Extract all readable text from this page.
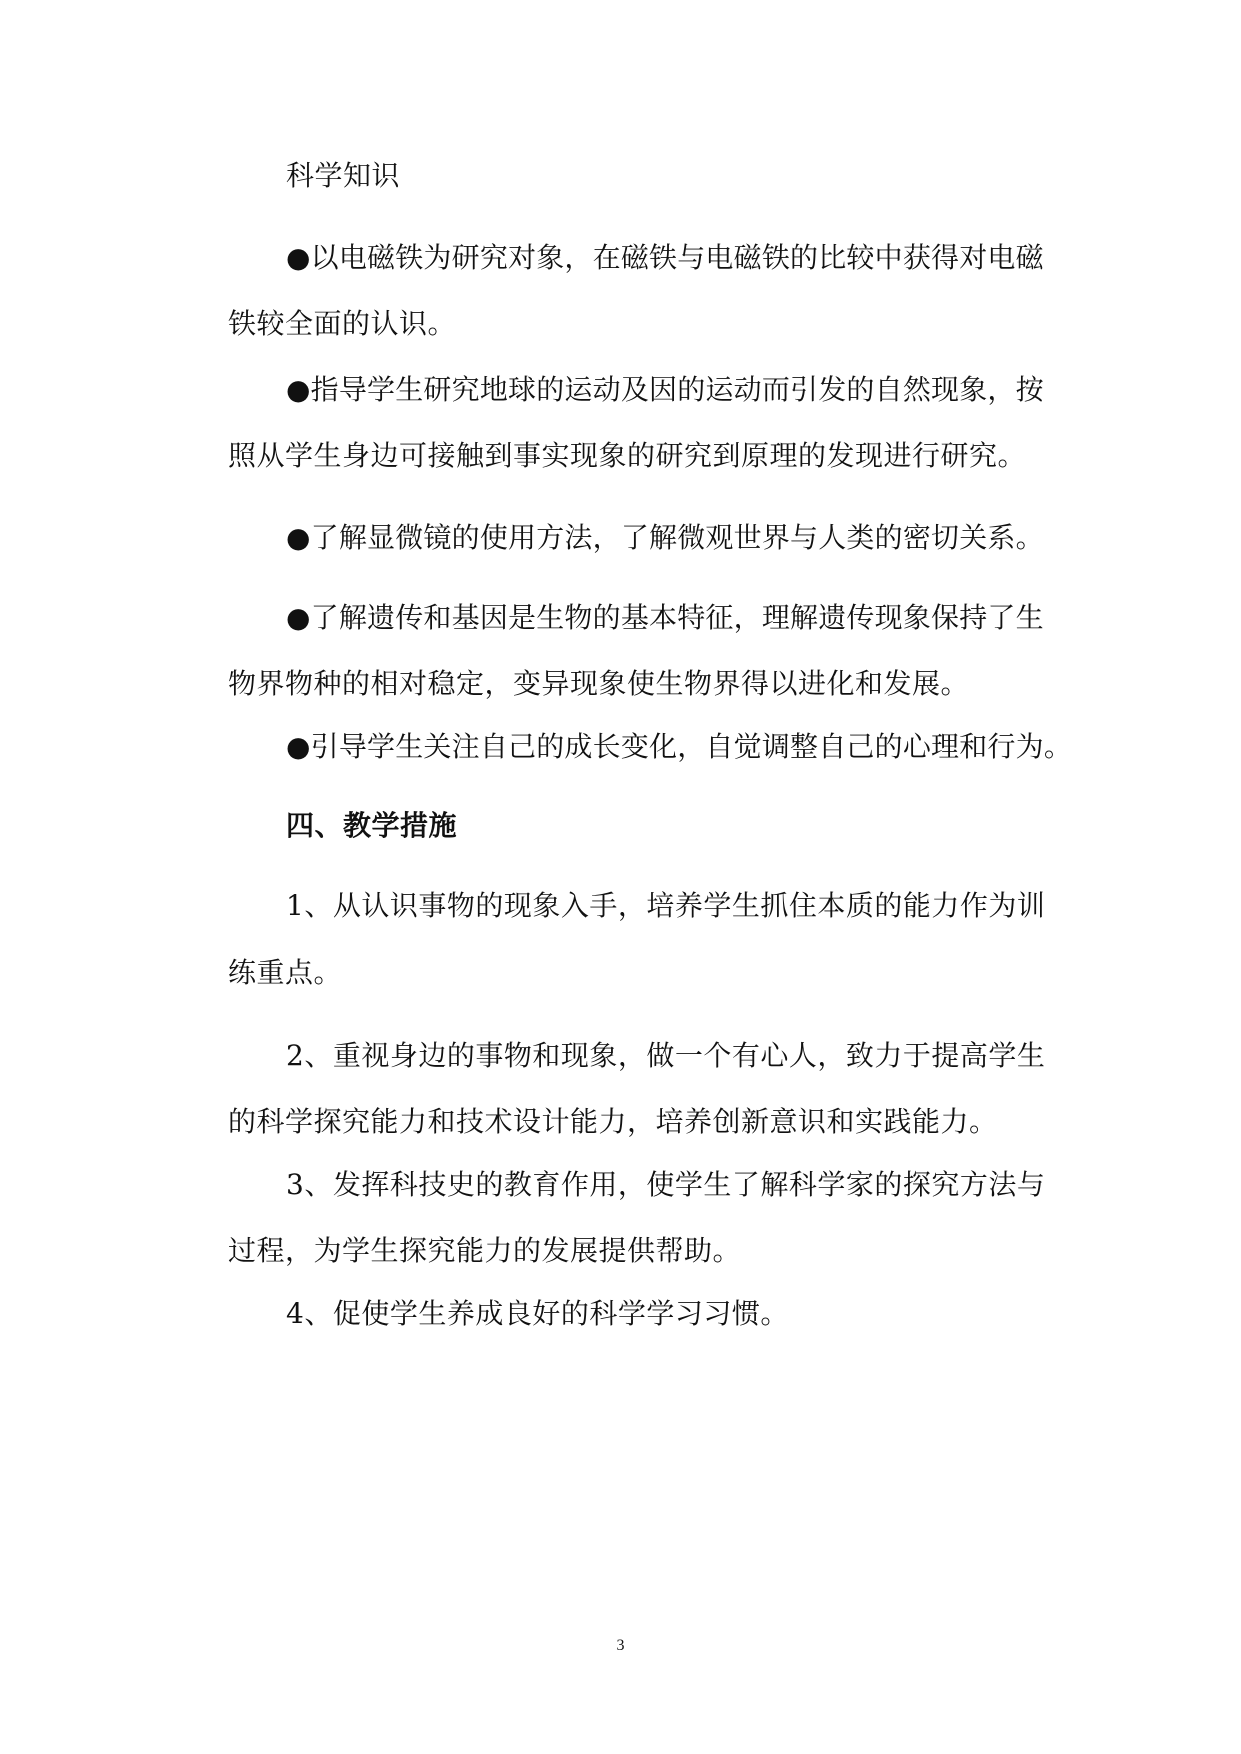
科学知识
●以电磁铁为研究对象，在磁铁与电磁铁的比较中获得对电磁
铁较全面的认识。
●指导学生研究地球的运动及因的运动而引发的自然现象，按
照从学生身边可接触到事实现象的研究到原理的发现进行研究。
●了解显微镜的使用方法，了解微观世界与人类的密切关系。
●了解遗传和基因是生物的基本特征，理解遗传现象保持了生
物界物种的相对稳定，变异现象使生物界得以进化和发展。
●引导学生关注自己的成长变化，自觉调整自己的心理和行为。
四、教学措施
1、从认识事物的现象入手，培养学生抓住本质的能力作为训
练重点。
2、重视身边的事物和现象，做一个有心人，致力于提高学生
的科学探究能力和技术设计能力，培养创新意识和实践能力。
3、发挥科技史的教育作用，使学生了解科学家的探究方法与
过程，为学生探究能力的发展提供帮助。
4、促使学生养成良好的科学学习习惯。
3
